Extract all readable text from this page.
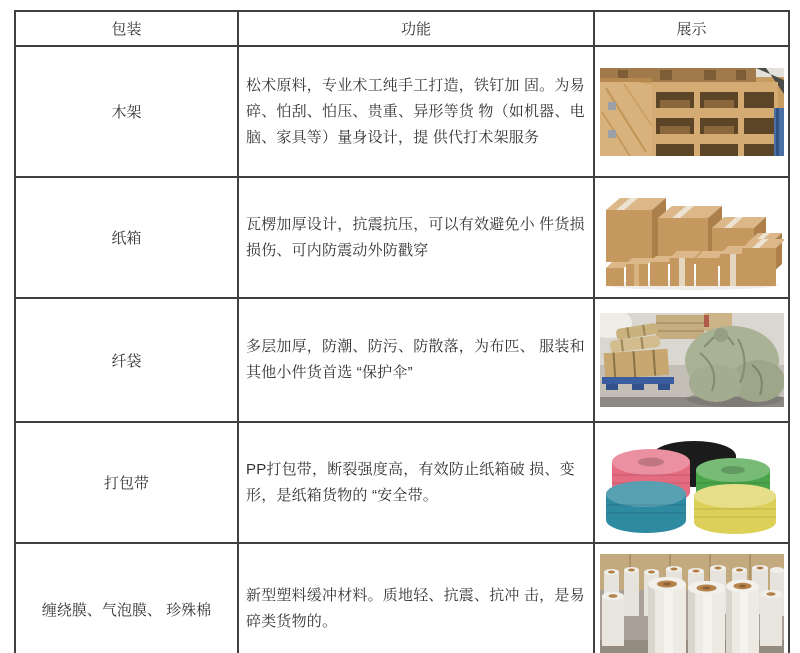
包装	功能	展示
木架	松术原料，专业术工纯手工打造，铁钉加 固。为易碎、怕刮、怕压、贵重、异形等货 物（如机器、电脑、家具等）量身设计，提 供代打术架服务	
纸箱	瓦楞加厚设计，抗震抗压，可以有效避免小 件货损损伤、可内防震动外防戳穿	
纤袋	多层加厚，防潮、防污、防散落，为布匹、 服装和其他小件货首选 “保护伞”	
打包带	PP打包带，断裂强度高，有效防止纸箱破 损、变形，是纸箱货物的 “安全带。	
缠绕膜、气泡膜、 珍殊棉	新型塑料缓冲材料。质地轻、抗震、抗冲 击，是易碎类货物的。	
